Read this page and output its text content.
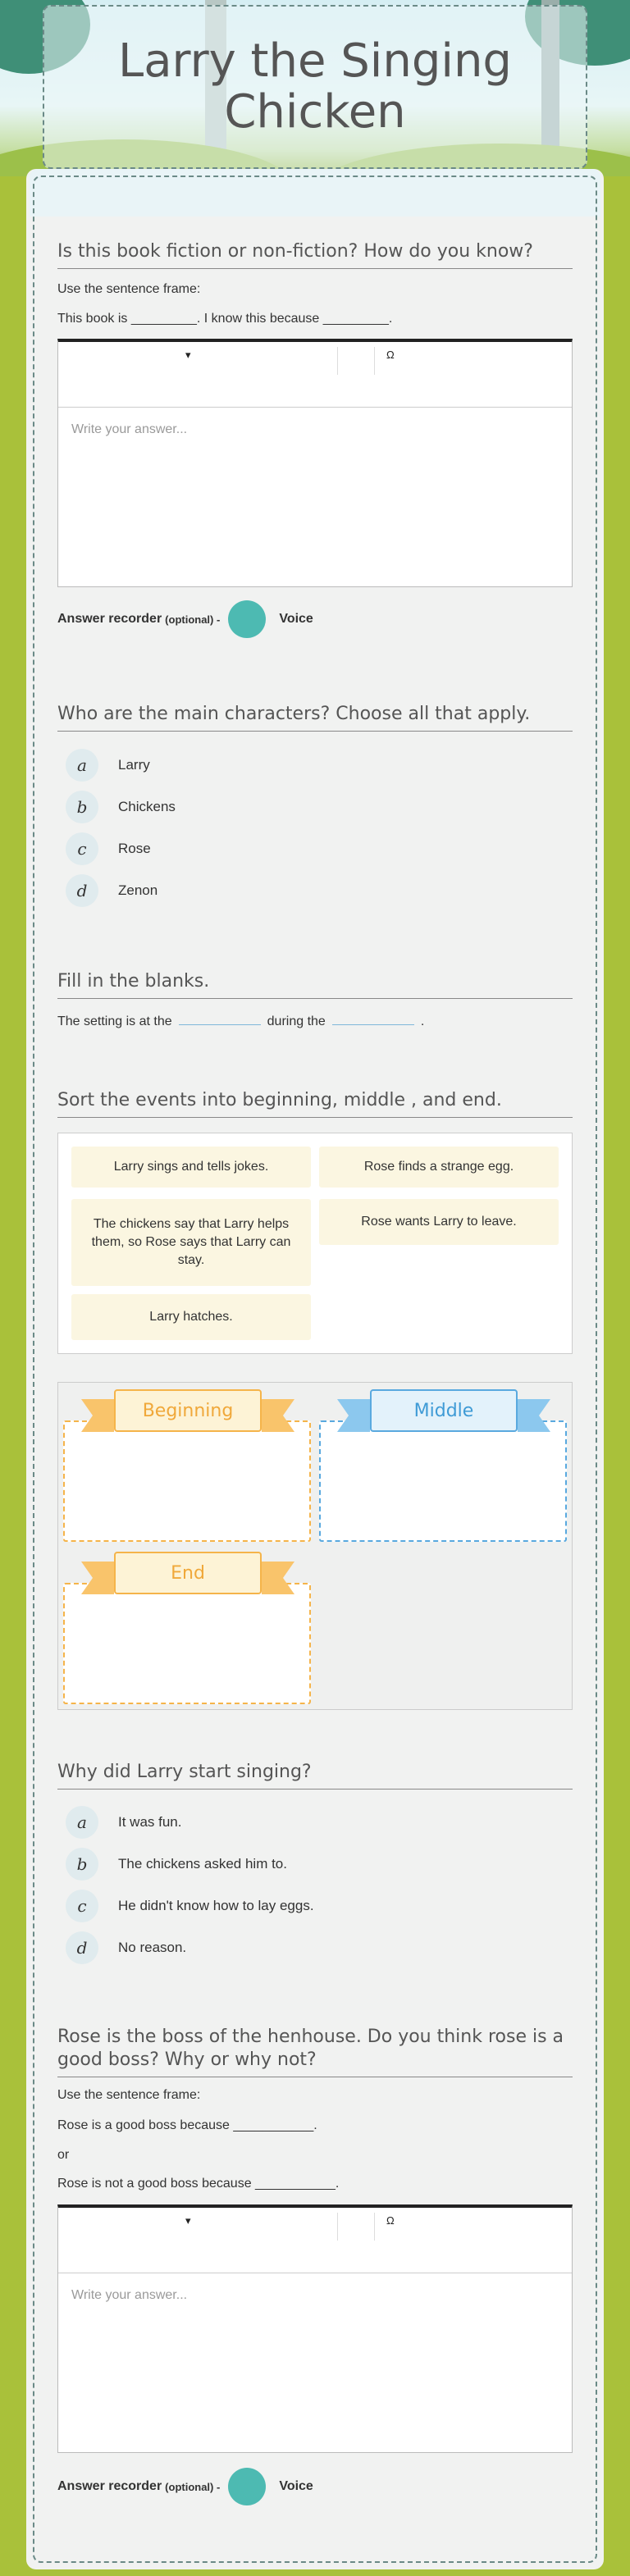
Larry the Singing Chicken
Is this book fiction or non-fiction? How do you know?
Use the sentence frame:
This book is _________. I know this because _________.
▾	Ω
Write your answer...
Answer recorder (optional) -	Voice
Who are the main characters? Choose all that apply.
a	Larry
b	Chickens
c	Rose
d	Zenon
Fill in the blanks.
The setting is at the	during the	.
Sort the events into beginning, middle , and end.
Larry sings and tells jokes.	Rose finds a strange egg.
The chickens say that Larry helps them, so Rose says that Larry can stay.
Rose wants Larry to leave.
Larry hatches.
Beginning	Middle
End
Why did Larry start singing?
a	It was fun.
b	The chickens asked him to.
c	He didn't know how to lay eggs.
d	No reason.
Rose is the boss of the henhouse. Do you think rose is a good boss? Why or why not?
Use the sentence frame:
Rose is a good boss because ___________.
or
Rose is not a good boss because ___________.
▾	Ω
Write your answer...
Answer recorder (optional) -	Voice
